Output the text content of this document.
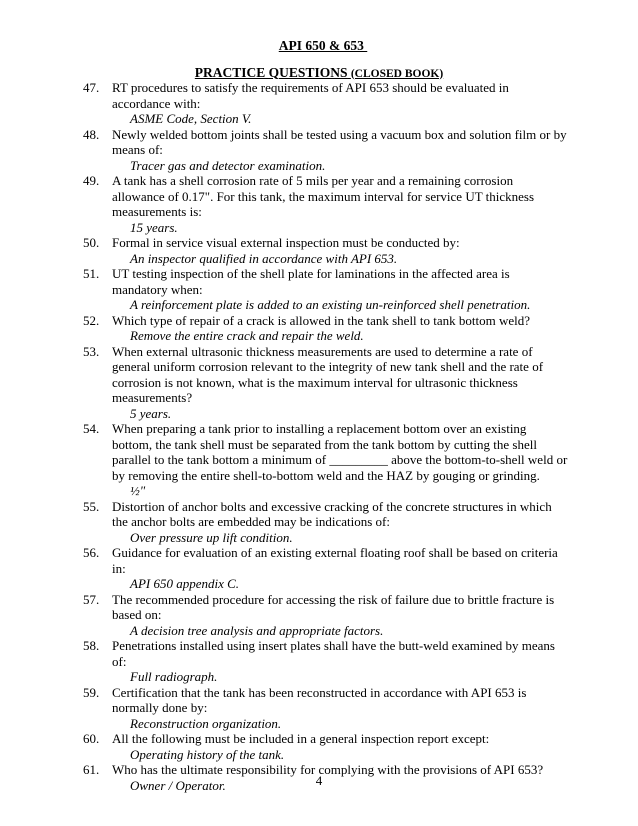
API 650 & 653
PRACTICE QUESTIONS (CLOSED BOOK)
47. RT procedures to satisfy the requirements of API 653 should be evaluated in accordance with:
ASME Code, Section V.
48. Newly welded bottom joints shall be tested using a vacuum box and solution film or by means of:
Tracer gas and detector examination.
49. A tank has a shell corrosion rate of 5 mils per year and a remaining corrosion allowance of 0.17". For this tank, the maximum interval for service UT thickness measurements is:
15 years.
50. Formal in service visual external inspection must be conducted by:
An inspector qualified in accordance with API 653.
51. UT testing inspection of the shell plate for laminations in the affected area is mandatory when:
A reinforcement plate is added to an existing un-reinforced shell penetration.
52. Which type of repair of a crack is allowed in the tank shell to tank bottom weld?
Remove the entire crack and repair the weld.
53. When external ultrasonic thickness measurements are used to determine a rate of general uniform corrosion relevant to the integrity of new tank shell and the rate of corrosion is not known, what is the maximum interval for ultrasonic thickness measurements?
5 years.
54. When preparing a tank prior to installing a replacement bottom over an existing bottom, the tank shell must be separated from the tank bottom by cutting the shell parallel to the tank bottom a minimum of _________ above the bottom-to-shell weld or by removing the entire shell-to-bottom weld and the HAZ by gouging or grinding.
½"
55. Distortion of anchor bolts and excessive cracking of the concrete structures in which the anchor bolts are embedded may be indications of:
Over pressure up lift condition.
56. Guidance for evaluation of an existing external floating roof shall be based on criteria in:
API 650 appendix C.
57. The recommended procedure for accessing the risk of failure due to brittle fracture is based on:
A decision tree analysis and appropriate factors.
58. Penetrations installed using insert plates shall have the butt-weld examined by means of:
Full radiograph.
59. Certification that the tank has been reconstructed in accordance with API 653 is normally done by:
Reconstruction organization.
60. All the following must be included in a general inspection report except:
Operating history of the tank.
61. Who has the ultimate responsibility for complying with the provisions of API 653?
Owner / Operator.	4
